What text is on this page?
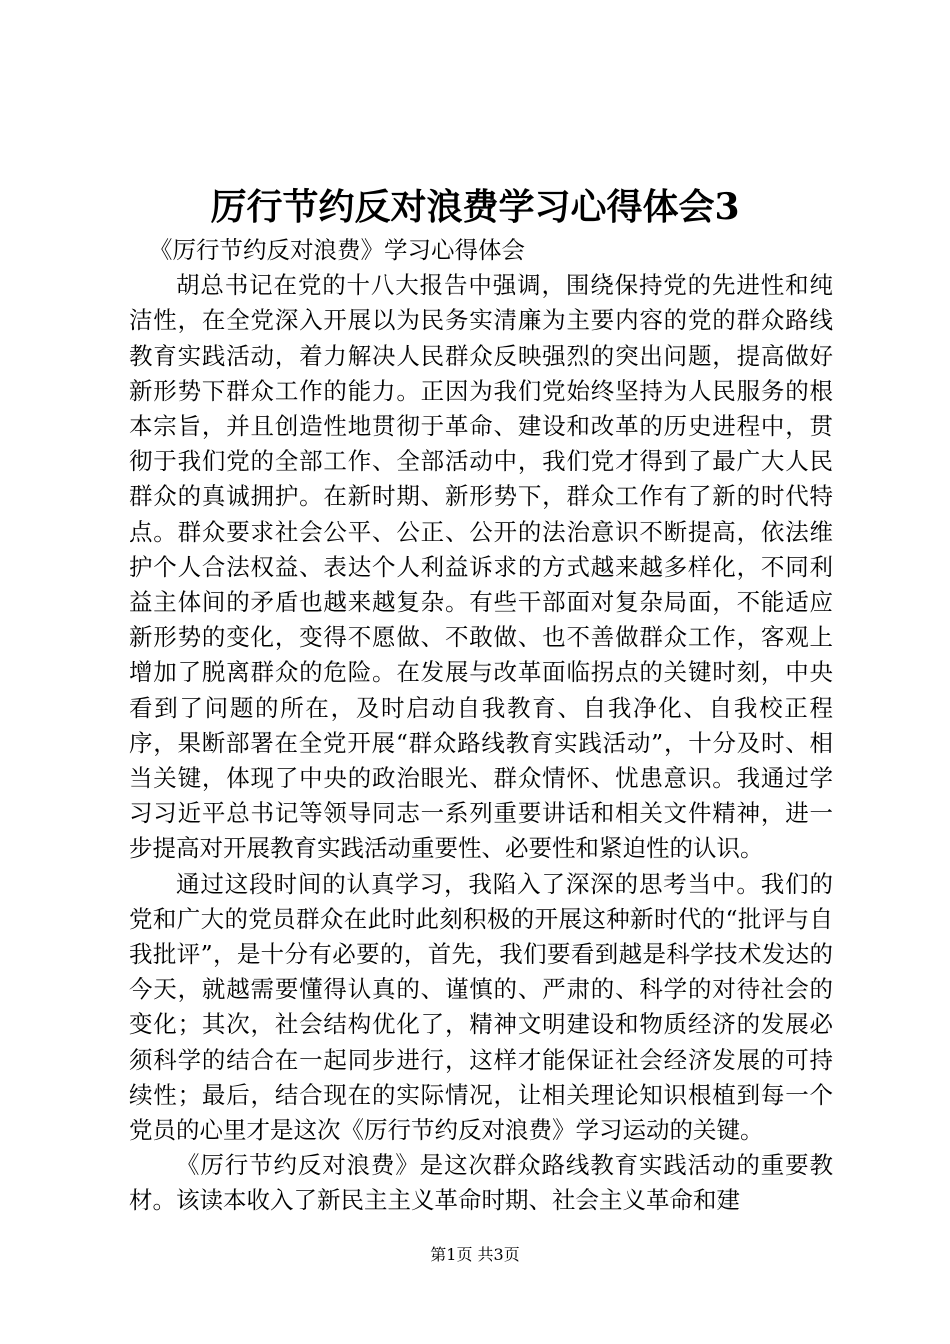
厉行节约反对浪费学习心得体会3

《厉行节约反对浪费》学习心得体会

胡总书记在党的十八大报告中强调，围绕保持党的先进性和纯洁性，在全党深入开展以为民务实清廉为主要内容的党的群众路线教育实践活动，着力解决人民群众反映强烈的突出问题，提高做好新形势下群众工作的能力。正因为我们党始终坚持为人民服务的根本宗旨，并且创造性地贯彻于革命、建设和改革的历史进程中，贯彻于我们党的全部工作、全部活动中，我们党才得到了最广大人民群众的真诚拥护。在新时期、新形势下，群众工作有了新的时代特点。群众要求社会公平、公正、公开的法治意识不断提高，依法维护个人合法权益、表达个人利益诉求的方式越来越多样化，不同利益主体间的矛盾也越来越复杂。有些干部面对复杂局面，不能适应新形势的变化，变得不愿做、不敢做、也不善做群众工作，客观上增加了脱离群众的危险。在发展与改革面临拐点的关键时刻，中央看到了问题的所在，及时启动自我教育、自我净化、自我校正程序，果断部署在全党开展“群众路线教育实践活动”，十分及时、相当关键，体现了中央的政治眼光、群众情怀、忧患意识。我通过学习习近平总书记等领导同志一系列重要讲话和相关文件精神，进一步提高对开展教育实践活动重要性、必要性和紧迫性的认识。

通过这段时间的认真学习，我陷入了深深的思考当中。我们的党和广大的党员群众在此时此刻积极的开展这种新时代的“批评与自我批评”，是十分有必要的，首先，我们要看到越是科学技术发达的今天，就越需要懂得认真的、谨慎的、严肃的、科学的对待社会的变化；其次，社会结构优化了，精神文明建设和物质经济的发展必须科学的结合在一起同步进行，这样才能保证社会经济发展的可持续性；最后，结合现在的实际情况，让相关理论知识根植到每一个党员的心里才是这次《厉行节约反对浪费》学习运动的关键。

《厉行节约反对浪费》是这次群众路线教育实践活动的重要教材。该读本收入了新民主主义革命时期、社会主义革命和建

第1页 共3页
